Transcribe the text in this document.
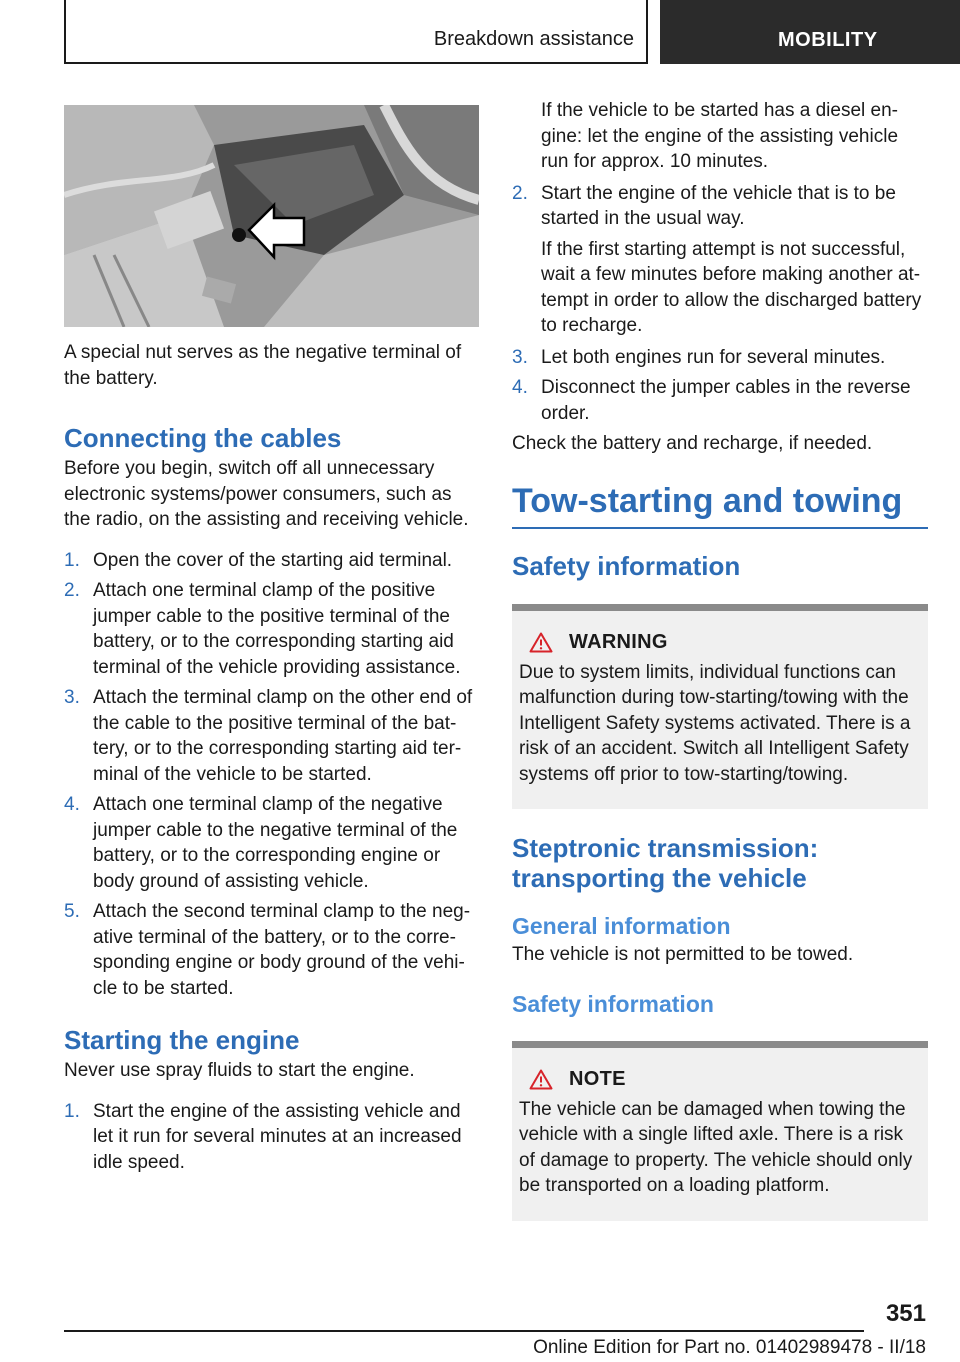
Breakdown assistance	MOBILITY

A special nut serves as the negative terminal of the battery.

Connecting the cables

Before you begin, switch off all unnecessary electronic systems/power consumers, such as the radio, on the assisting and receiving vehicle.

1. Open the cover of the starting aid terminal.
2. Attach one terminal clamp of the positive jumper cable to the positive terminal of the battery, or to the corresponding starting aid terminal of the vehicle providing assistance.
3. Attach the terminal clamp on the other end of the cable to the positive terminal of the bat‐tery, or to the corresponding starting aid ter‐minal of the vehicle to be started.
4. Attach one terminal clamp of the negative jumper cable to the negative terminal of the battery, or to the corresponding engine or body ground of assisting vehicle.
5. Attach the second terminal clamp to the neg‐ative terminal of the battery, or to the corre‐sponding engine or body ground of the vehi‐cle to be started.
Starting the engine

Never use spray fluids to start the engine.

1. Start the engine of the assisting vehicle and let it run for several minutes at an increased idle speed.

If the vehicle to be started has a diesel en‐gine: let the engine of the assisting vehicle run for approx. 10 minutes.

2. Start the engine of the vehicle that is to be started in the usual way.

If the first starting attempt is not successful, wait a few minutes before making another at‐tempt in order to allow the discharged battery to recharge.

3. Let both engines run for several minutes.
4. Disconnect the jumper cables in the reverse order.

Check the battery and recharge, if needed.

Tow-starting and towing
Safety information
WARNING

Due to system limits, individual functions can malfunction during tow-starting/towing with the Intelligent Safety systems activated. There is a risk of an accident. Switch all Intelligent Safety systems off prior to tow-starting/towing.

Steptronic transmission: transporting the vehicle
General information

The vehicle is not permitted to be towed.

Safety information
NOTE

The vehicle can be damaged when towing the vehicle with a single lifted axle. There is a risk of damage to property. The vehicle should only be transported on a loading platform.

351
Online Edition for Part no. 01402989478 - II/18
